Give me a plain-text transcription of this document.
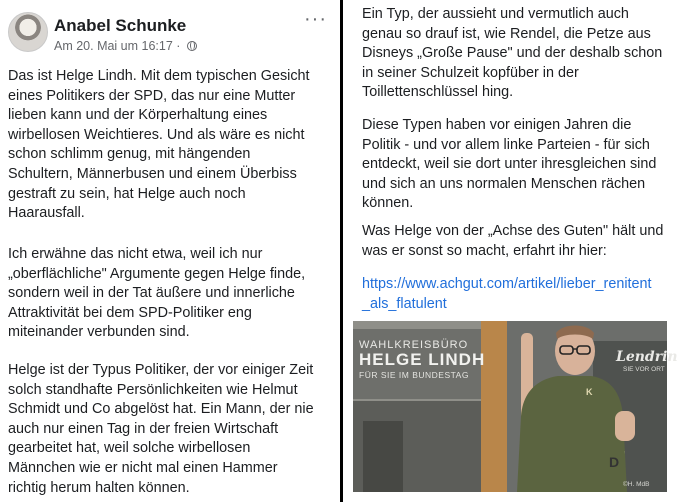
Anabel Schunke
Am 20. Mai um 16:17 ·
···
Das ist Helge Lindh. Mit dem typischen Gesicht
eines Politikers der SPD, das nur eine Mutter
lieben kann und der Körperhaltung eines
wirbellosen Weichtieres. Und als wäre es nicht
schon schlimm genug, mit hängenden
Schultern, Männerbusen und einem Überbiss
gestraft zu sein, hat Helge auch noch
Haarausfall.
Ich erwähne das nicht etwa, weil ich nur
„oberflächliche" Argumente gegen Helge finde,
sondern weil in der Tat äußere und innerliche
Attraktivität bei dem SPD-Politiker eng
miteinander verbunden sind.
Helge ist der Typus Politiker, der vor einiger Zeit
solch standhafte Persönlichkeiten wie Helmut
Schmidt und Co abgelöst hat. Ein Mann, der nie
auch nur einen Tag in der freien Wirtschaft
gearbeitet hat, weil solche wirbellosen
Männchen wie er nicht mal einen Hammer
richtig herum halten können.
Ein Typ, der aussieht und vermutlich auch
genau so drauf ist, wie Rendel, die Petze aus
Disneys „Große Pause" und der deshalb schon
in seiner Schulzeit kopfüber in der
Toillettenschlüssel hing.
Diese Typen haben vor einigen Jahren die
Politik - und vor allem linke Parteien - für sich
entdeckt, weil sie dort unter ihresgleichen sind
und sich an uns normalen Menschen rächen
können.
Was Helge von der „Achse des Guten" hält und
was er sonst so macht, erfahrt ihr hier:
https://www.achgut.com/artikel/lieber_renitent
_als_flatulent
WAHLKREISBÜRO
HELGE LINDH
FÜR SIE IM BUNDESTAG
Lendrin
SIE VOR ORT
K
D
©H. MdB
